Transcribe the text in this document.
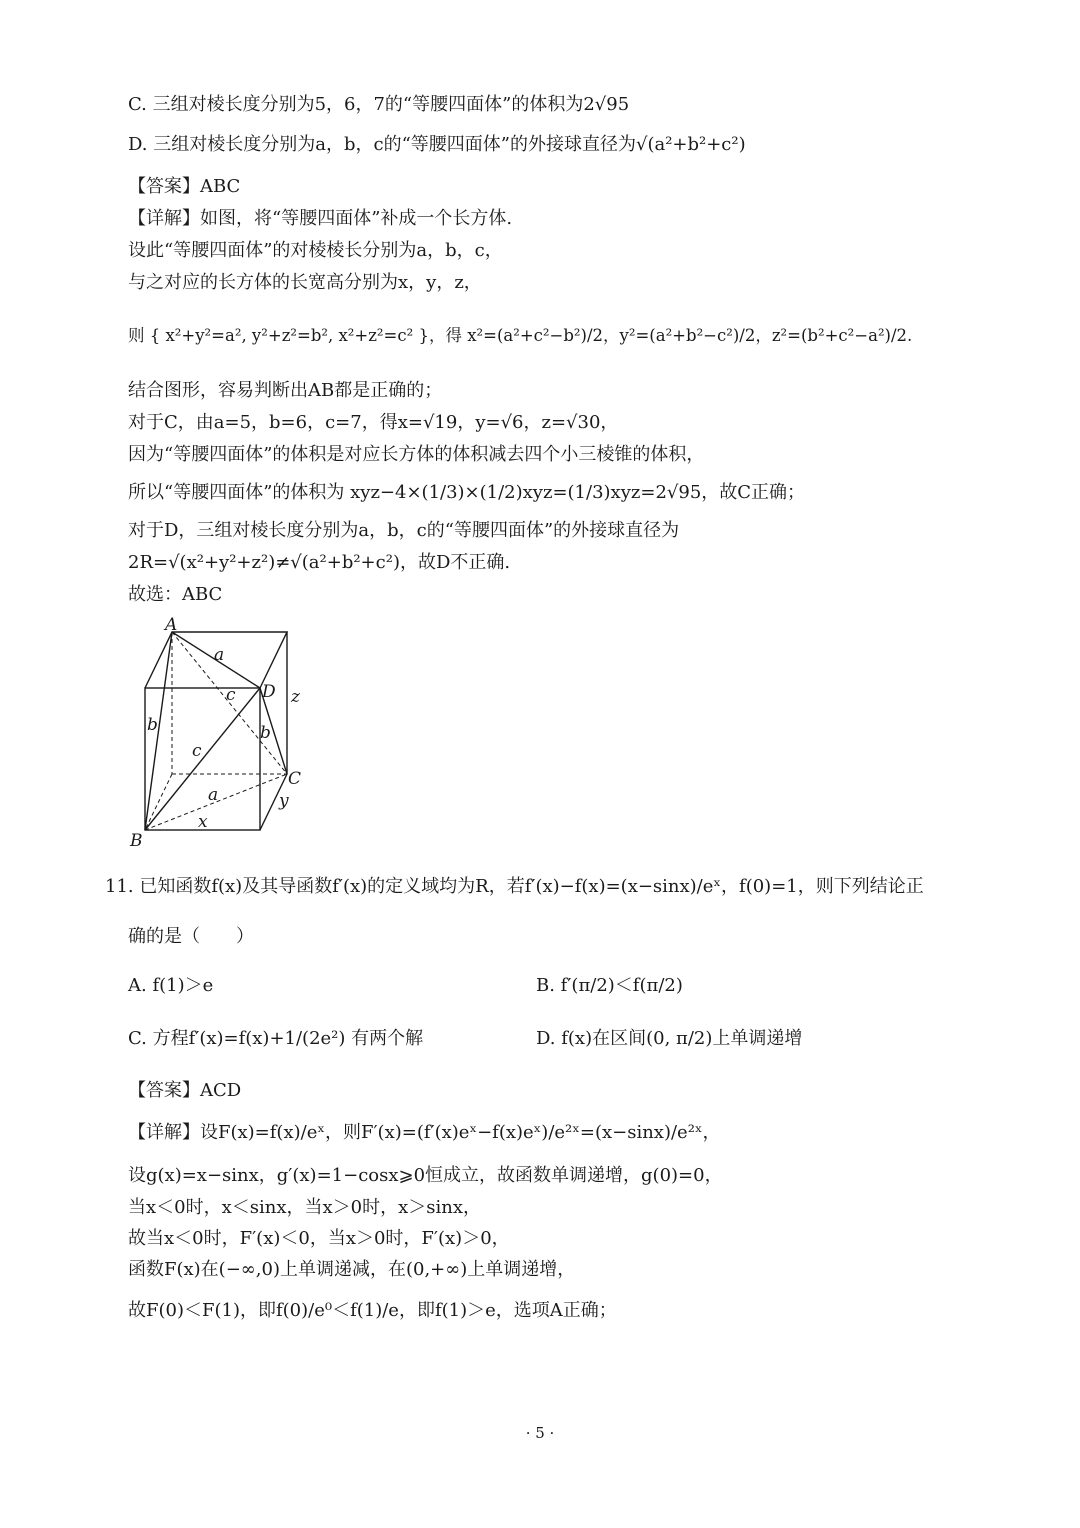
C. 三组对棱长度分别为5，6，7的“等腰四面体”的体积为2√95
D. 三组对棱长度分别为a，b，c的“等腰四面体”的外接球直径为√(a²+b²+c²)
【答案】ABC
【详解】如图，将“等腰四面体”补成一个长方体.
设此“等腰四面体”的对棱棱长分别为a，b，c，
与之对应的长方体的长宽高分别为x，y，z，
则 { x²+y²=a², y²+z²=b², x²+z²=c² }，得 x²=(a²+c²−b²)/2，y²=(a²+b²−c²)/2，z²=(b²+c²−a²)/2.
结合图形，容易判断出AB都是正确的；
对于C，由a=5，b=6，c=7，得x=√19，y=√6，z=√30，
因为“等腰四面体”的体积是对应长方体的体积减去四个小三棱锥的体积，
所以“等腰四面体”的体积为 xyz−4×(1/3)×(1/2)xyz=(1/3)xyz=2√95，故C正确；
对于D，三组对棱长度分别为a，b，c的“等腰四面体”的外接球直径为
2R=√(x²+y²+z²)≠√(a²+b²+c²)，故D不正确.
故选：ABC
A
B
C
D
a
c
b	b
c
a
x
y
z
11. 已知函数f(x)及其导函数f′(x)的定义域均为R，若f′(x)−f(x)=(x−sinx)/eˣ，f(0)=1，则下列结论正
确的是（　　）
A. f(1)＞e	B. f′(π/2)＜f(π/2)
C. 方程f′(x)=f(x)+1/(2e²) 有两个解	D. f(x)在区间(0, π/2)上单调递增
【答案】ACD
【详解】设F(x)=f(x)/eˣ，则F′(x)=(f′(x)eˣ−f(x)eˣ)/e²ˣ=(x−sinx)/e²ˣ，
设g(x)=x−sinx，g′(x)=1−cosx⩾0恒成立，故函数单调递增，g(0)=0，
当x＜0时，x＜sinx，当x＞0时，x＞sinx，
故当x＜0时，F′(x)＜0，当x＞0时，F′(x)＞0，
函数F(x)在(−∞,0)上单调递减，在(0,+∞)上单调递增，
故F(0)＜F(1)，即f(0)/e⁰＜f(1)/e，即f(1)＞e，选项A正确；
· 5 ·
